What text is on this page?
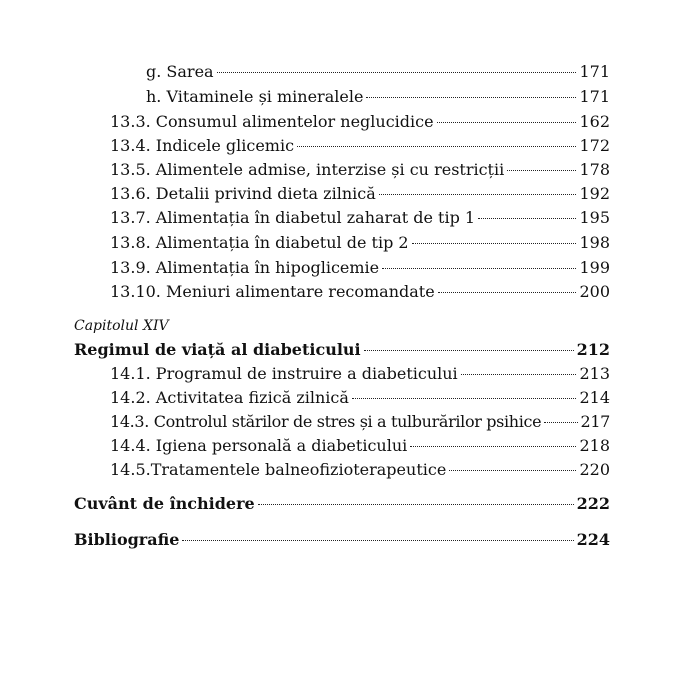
g. Sarea	171
h. Vitaminele și mineralele	171
13.3. Consumul alimentelor neglucidice	162
13.4. Indicele glicemic	172
13.5. Alimentele admise, interzise și cu restricții	178
13.6. Detalii privind dieta zilnică	192
13.7. Alimentația în diabetul zaharat de tip 1	195
13.8. Alimentația în diabetul de tip 2	198
13.9. Alimentația în hipoglicemie	199
13.10. Meniuri alimentare recomandate	200
Capitolul XIV
Regimul de viață al diabeticului	212
14.1. Programul de instruire a diabeticului	213
14.2. Activitatea fizică zilnică	214
14.3. Controlul stărilor de stres și a tulburărilor psihice 217
14.4. Igiena personală a diabeticului	218
14.5.Tratamentele balneofizioterapeutice	220
Cuvânt de închidere	222
Bibliografie	224
